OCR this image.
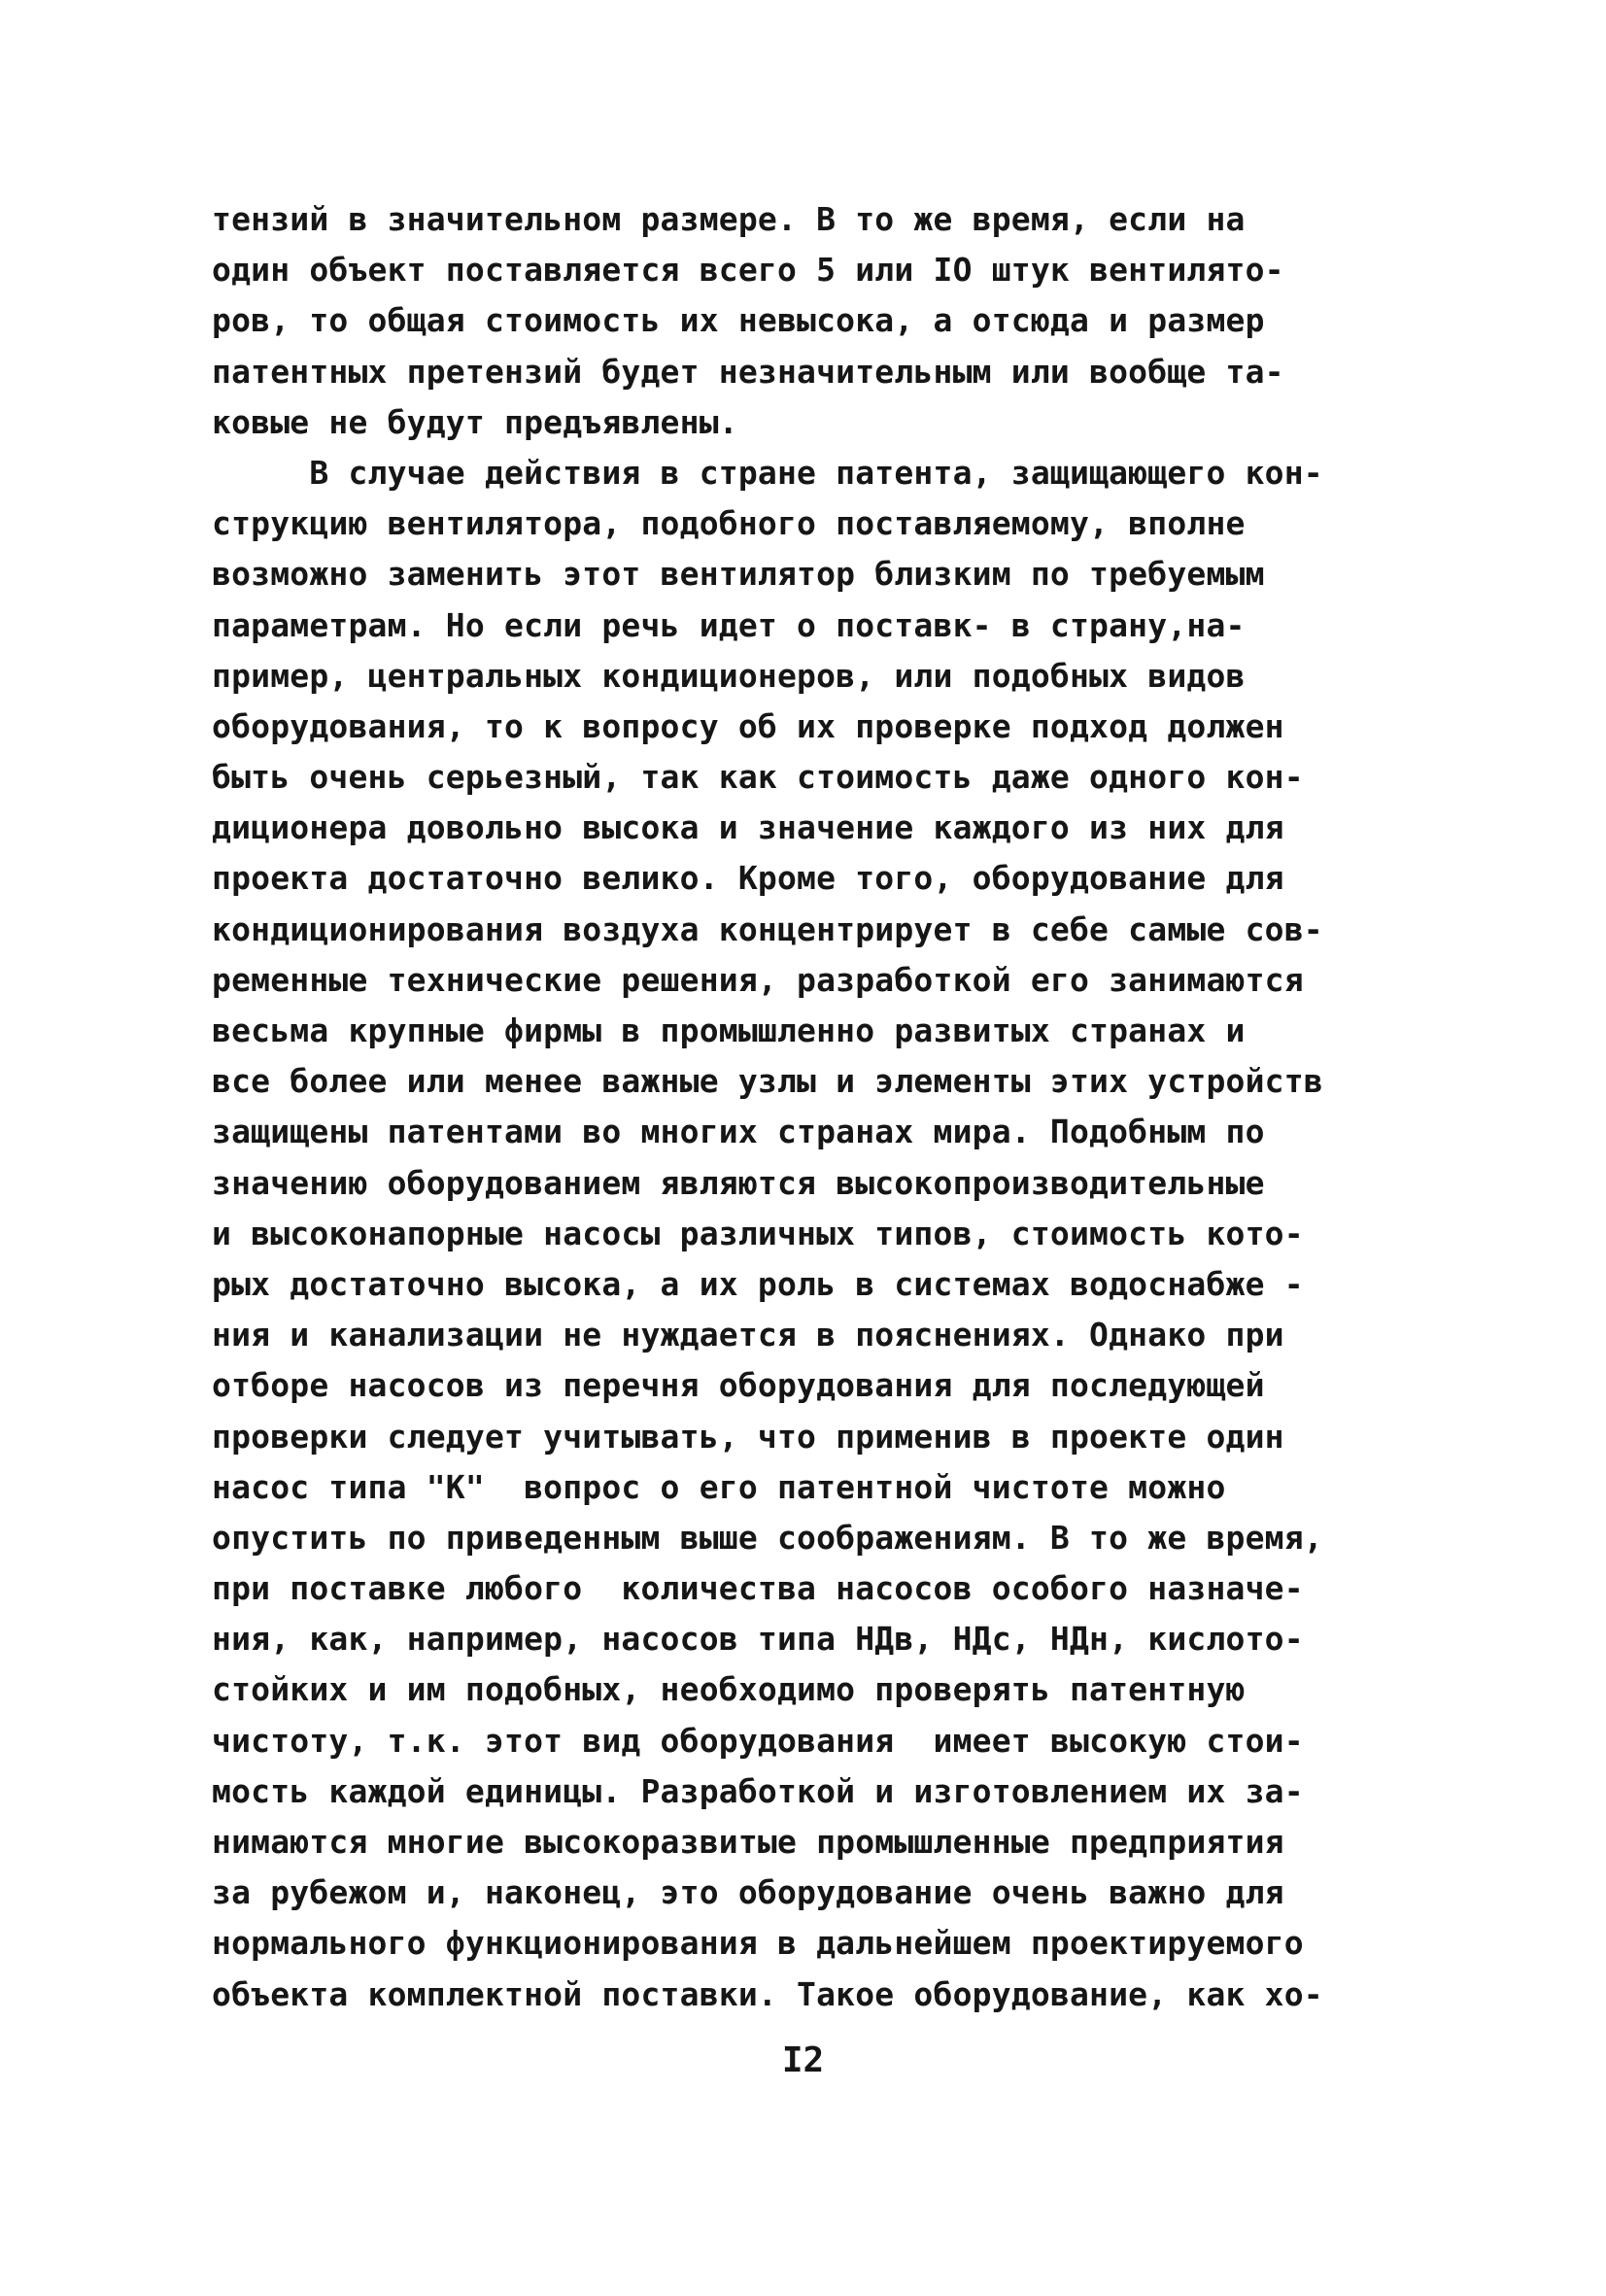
тензий в значительном размере. В то же время, если на
один объект поставляется всего 5 или IO штук вентилято-
ров, то общая стоимость их невысока, а отсюда и размер
патентных претензий будет незначительным или вообще та-
ковые не будут предъявлены.
В случае действия в стране патента, защищающего кон-
струкцию вентилятора, подобного поставляемому, вполне
возможно заменить этот вентилятор близким по требуемым
параметрам. Но если речь идет о поставк- в страну,на-
пример, центральных кондиционеров, или подобных видов
оборудования, то к вопросу об их проверке подход должен
быть очень серьезный, так как стоимость даже одного кон-
диционера довольно высока и значение каждого из них для
проекта достаточно велико. Кроме того, оборудование для
кондиционирования воздуха концентрирует в себе самые сов-
ременные технические решения, разработкой его занимаются
весьма крупные фирмы в промышленно развитых странах и
все более или менее важные узлы и элементы этих устройств
защищены патентами во многих странах мира. Подобным по
значению оборудованием являются высокопроизводительные
и высоконапорные насосы различных типов, стоимость кото-
рых достаточно высока, а их роль в системах водоснабже -
ния и канализации не нуждается в пояснениях. Однако при
отборе насосов из перечня оборудования для последующей
проверки следует учитывать, что применив в проекте один
насос типа "К"  вопрос о его патентной чистоте можно
опустить по приведенным выше соображениям. В то же время,
при поставке любого  количества насосов особого назначе-
ния, как, например, насосов типа НДв, НДс, НДн, кислото-
стойких и им подобных, необходимо проверять патентную
чистоту, т.к. этот вид оборудования  имеет высокую стои-
мость каждой единицы. Разработкой и изготовлением их за-
нимаются многие высокоразвитые промышленные предприятия
за рубежом и, наконец, это оборудование очень важно для
нормального функционирования в дальнейшем проектируемого
объекта комплектной поставки. Такое оборудование, как хо-
I2
